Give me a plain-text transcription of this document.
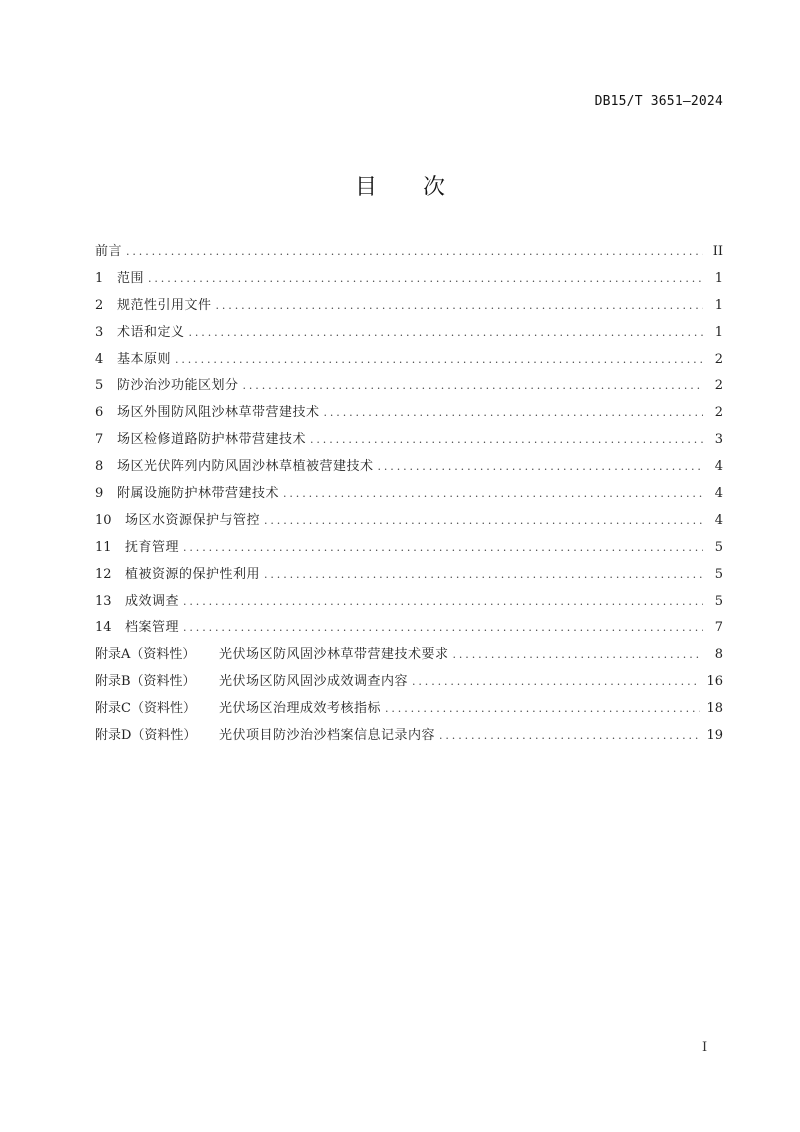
DB15/T 3651—2024
目 次
前言 .....	II
1	范围 .....	1
2	规范性引用文件 .....	1
3	术语和定义 .....	1
4	基本原则 .....	2
5	防沙治沙功能区划分 .....	2
6	场区外围防风阻沙林草带营建技术 .....	2
7	场区检修道路防护林带营建技术 .....	3
8	场区光伏阵列内防风固沙林草植被营建技术 .....	4
9	附属设施防护林带营建技术 .....	4
10	场区水资源保护与管控 .....	4
11	抚育管理 .....	5
12	植被资源的保护性利用 .....	5
13	成效调查 .....	5
14	档案管理 .....	7
附录A（资料性）	光伏场区防风固沙林草带营建技术要求 .....	8
附录B（资料性）	光伏场区防风固沙成效调查内容 .....	16
附录C（资料性）	光伏场区治理成效考核指标 .....	18
附录D（资料性）	光伏项目防沙治沙档案信息记录内容 .....	19
I
